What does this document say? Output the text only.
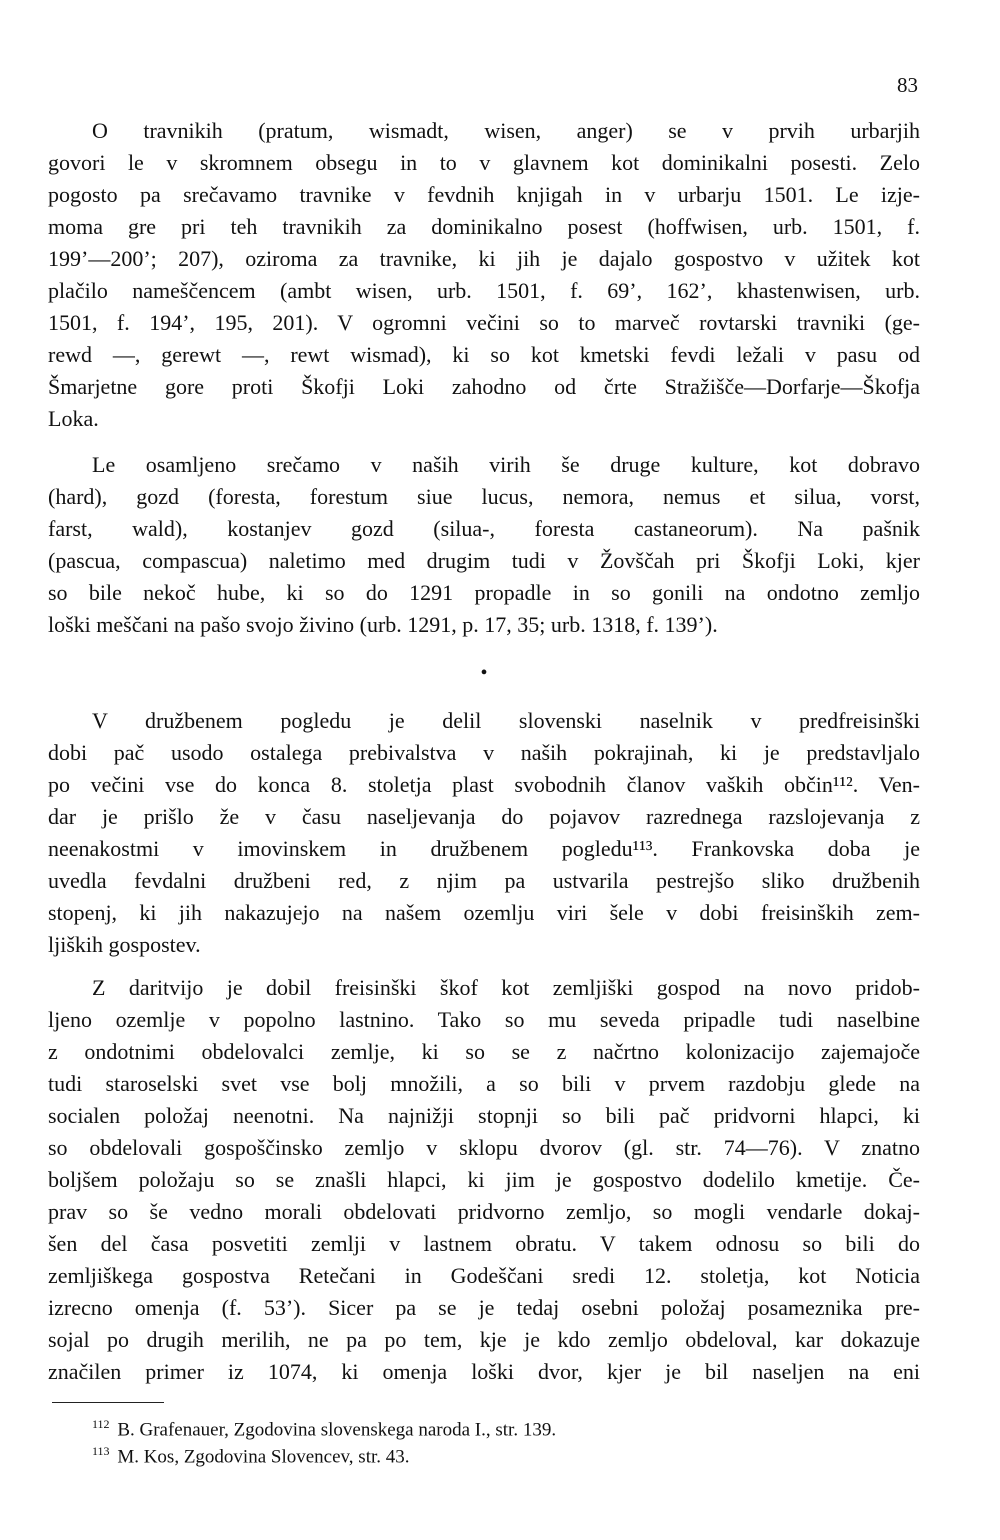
83
O travnikih (pratum, wismadt, wisen, anger) se v prvih urbarjih
govori le v skromnem obsegu in to v glavnem kot dominikalni posesti. Zelo
pogosto pa srečavamo travnike v fevdnih knjigah in v urbarju 1501. Le izje-
moma gre pri teh travnikih za dominikalno posest (hoffwisen, urb. 1501, f.
199’—200’; 207), oziroma za travnike, ki jih je dajalo gospostvo v užitek kot
plačilo nameščencem (ambt wisen, urb. 1501, f. 69’, 162’, khastenwisen, urb.
1501, f. 194’, 195, 201). V ogromni večini so to marveč rovtarski travniki (ge-
rewd —, gerewt —, rewt wismad), ki so kot kmetski fevdi ležali v pasu od
Šmarjetne gore proti Škofji Loki zahodno od črte Stražišče—Dorfarje—Škofja
Loka.
Le osamljeno srečamo v naših virih še druge kulture, kot dobravo
(hard), gozd (foresta, forestum siue lucus, nemora, nemus et silua, vorst,
farst, wald), kostanjev gozd (silua-, foresta castaneorum). Na pašnik
(pascua, compascua) naletimo med drugim tudi v Žovščah pri Škofji Loki, kjer
so bile nekoč hube, ki so do 1291 propadle in so gonili na ondotno zemljo
loški meščani na pašo svojo živino (urb. 1291, p. 17, 35; urb. 1318, f. 139’).
•
V družbenem pogledu je delil slovenski naselnik v predfreisinški
dobi pač usodo ostalega prebivalstva v naših pokrajinah, ki je predstavljalo
po večini vse do konca 8. stoletja plast svobodnih članov vaških občin¹¹². Ven-
dar je prišlo že v času naseljevanja do pojavov razrednega razslojevanja z
neenakostmi v imovinskem in družbenem pogledu¹¹³. Frankovska doba je
uvedla fevdalni družbeni red, z njim pa ustvarila pestrejšo sliko družbenih
stopenj, ki jih nakazujejo na našem ozemlju viri šele v dobi freisinških zem-
ljiških gospostev.
Z daritvijo je dobil freisinški škof kot zemljiški gospod na novo pridob-
ljeno ozemlje v popolno lastnino. Tako so mu seveda pripadle tudi naselbine
z ondotnimi obdelovalci zemlje, ki so se z načrtno kolonizacijo zajemajoče
tudi staroselski svet vse bolj množili, a so bili v prvem razdobju glede na
socialen položaj neenotni. Na najnižji stopnji so bili pač pridvorni hlapci, ki
so obdelovali gospoščinsko zemljo v sklopu dvorov (gl. str. 74—76). V znatno
boljšem položaju so se znašli hlapci, ki jim je gospostvo dodelilo kmetije. Če-
prav so še vedno morali obdelovati pridvorno zemljo, so mogli vendarle dokaj-
šen del časa posvetiti zemlji v lastnem obratu. V takem odnosu so bili do
zemljiškega gospostva Retečani in Godeščani sredi 12. stoletja, kot Noticia
izrecno omenja (f. 53’). Sicer pa se je tedaj osebni položaj posameznika pre-
sojal po drugih merilih, ne pa po tem, kje je kdo zemljo obdeloval, kar dokazuje
značilen primer iz 1074, ki omenja loški dvor, kjer je bil naseljen na eni
$^{112}$ B. Grafenauer, Zgodovina slovenskega naroda I., str. 139.
$^{113}$ M. Kos, Zgodovina Slovencev, str. 43.
